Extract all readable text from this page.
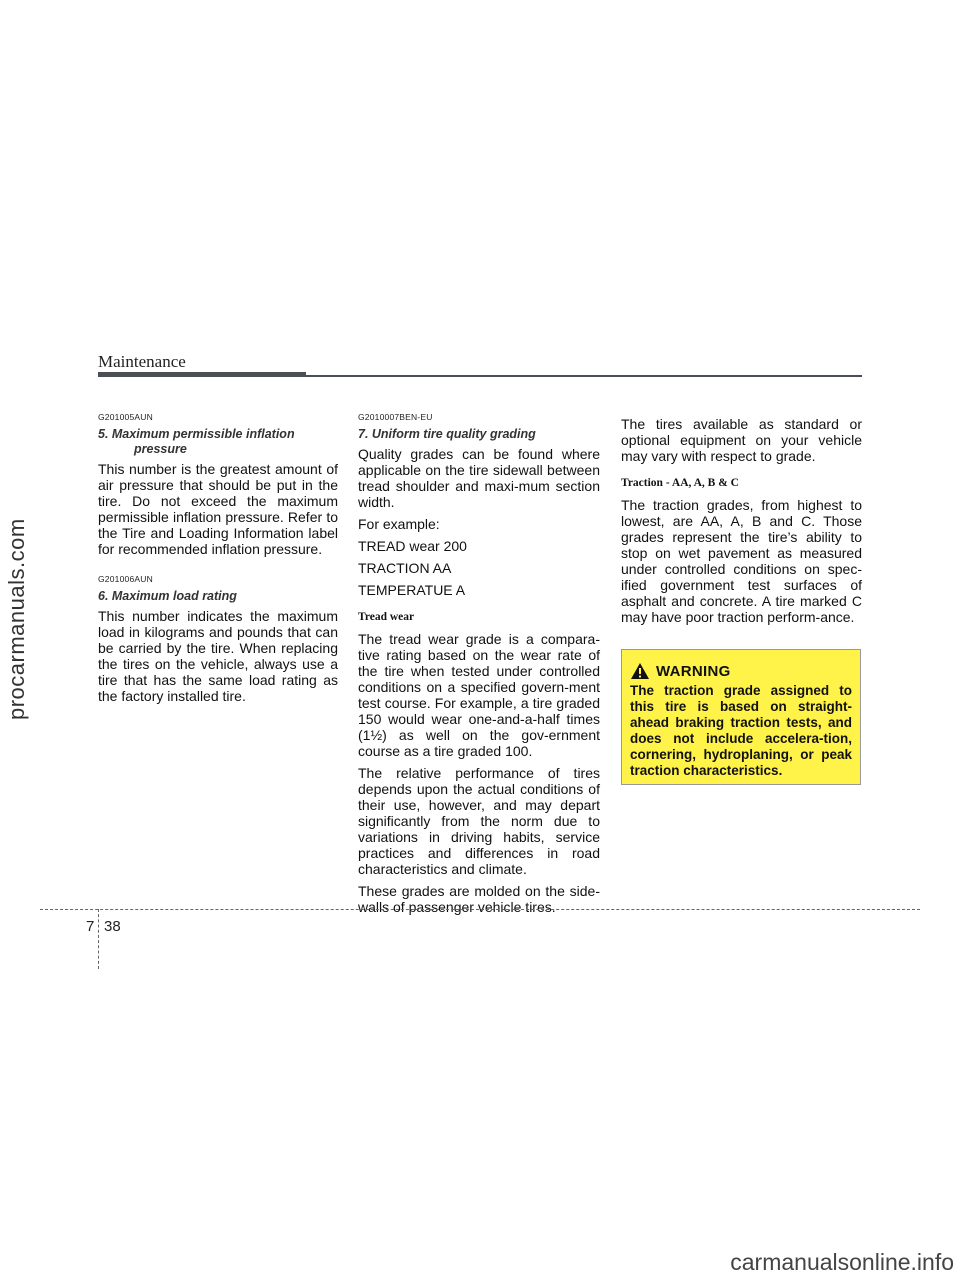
procarmanuals.com
Maintenance
G201005AUN
5. Maximum permissible inflation
pressure

This number is the greatest amount of air pressure that should be put in the tire. Do not exceed the maximum permissible inflation pressure. Refer to the Tire and Loading Information label for recommended inflation pressure.

G201006AUN
6. Maximum load rating

This number indicates the maximum load in kilograms and pounds that can be carried by the tire. When replacing the tires on the vehicle, always use a tire that has the same load rating as the factory installed tire.

G2010007BEN-EU
7. Uniform tire quality grading

Quality grades can be found where applicable on the tire sidewall between tread shoulder and maxi-mum section width.

For example:

TREAD wear 200

TRACTION AA

TEMPERATUE A

Tread wear

The tread wear grade is a compara-tive rating based on the wear rate of the tire when tested under controlled conditions on a specified govern-ment test course. For example, a tire graded 150 would wear one-and-a-half times (1½) as well on the gov-ernment course as a tire graded 100.

The relative performance of tires depends upon the actual conditions of their use, however, and may depart significantly from the norm due to variations in driving habits, service practices and differences in road characteristics and climate.

These grades are molded on the side-walls of passenger vehicle tires.

The tires available as standard or optional equipment on your vehicle may vary with respect to grade.

Traction - AA, A, B & C

The traction grades, from highest to lowest, are AA, A, B and C. Those grades represent the tire’s ability to stop on wet pavement as measured under controlled conditions on spec-ified government test surfaces of asphalt and concrete. A tire marked C may have poor traction perform-ance.

WARNING
The traction grade assigned to this tire is based on straight-ahead braking traction tests, and does not include accelera-tion, cornering, hydroplaning, or peak traction characteristics.
7 38
carmanualsonline.info
